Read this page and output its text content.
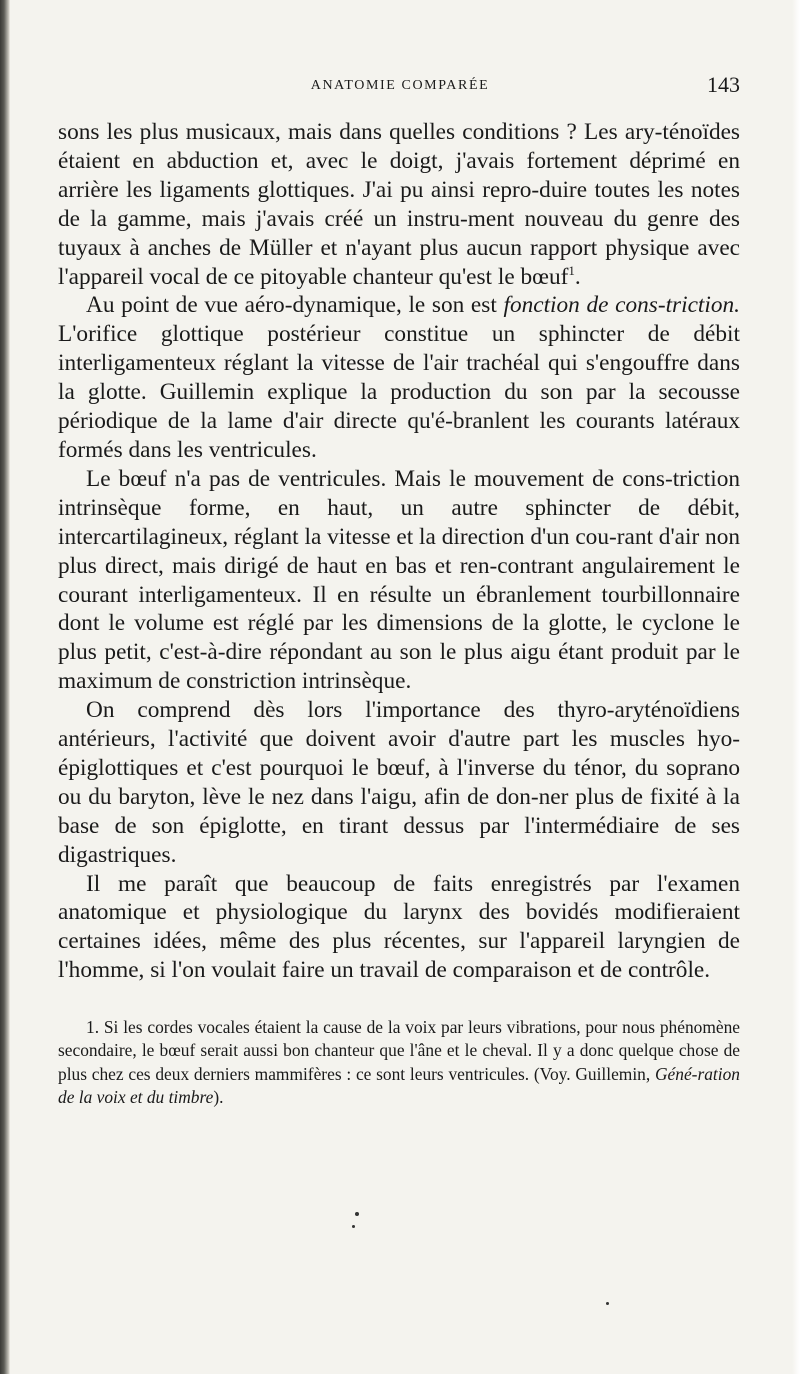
ANATOMIE COMPARÉE	143

sons les plus musicaux, mais dans quelles conditions ? Les ary-ténoïdes étaient en abduction et, avec le doigt, j'avais fortement déprimé en arrière les ligaments glottiques. J'ai pu ainsi repro-duire toutes les notes de la gamme, mais j'avais créé un instru-ment nouveau du genre des tuyaux à anches de Müller et n'ayant plus aucun rapport physique avec l'appareil vocal de ce pitoyable chanteur qu'est le bœuf$^1$.

Au point de vue aéro-dynamique, le son est fonction de cons-triction. L'orifice glottique postérieur constitue un sphincter de débit interligamenteux réglant la vitesse de l'air trachéal qui s'engouffre dans la glotte. Guillemin explique la production du son par la secousse périodique de la lame d'air directe qu'é-branlent les courants latéraux formés dans les ventricules.

Le bœuf n'a pas de ventricules. Mais le mouvement de cons-triction intrinsèque forme, en haut, un autre sphincter de débit, intercartilagineux, réglant la vitesse et la direction d'un cou-rant d'air non plus direct, mais dirigé de haut en bas et ren-contrant angulairement le courant interligamenteux. Il en résulte un ébranlement tourbillonnaire dont le volume est réglé par les dimensions de la glotte, le cyclone le plus petit, c'est-à-dire répondant au son le plus aigu étant produit par le maximum de constriction intrinsèque.

On comprend dès lors l'importance des thyro-aryténoïdiens antérieurs, l'activité que doivent avoir d'autre part les muscles hyo-épiglottiques et c'est pourquoi le bœuf, à l'inverse du ténor, du soprano ou du baryton, lève le nez dans l'aigu, afin de don-ner plus de fixité à la base de son épiglotte, en tirant dessus par l'intermédiaire de ses digastriques.

Il me paraît que beaucoup de faits enregistrés par l'examen anatomique et physiologique du larynx des bovidés modifieraient certaines idées, même des plus récentes, sur l'appareil laryngien de l'homme, si l'on voulait faire un travail de comparaison et de contrôle.

1. Si les cordes vocales étaient la cause de la voix par leurs vibrations, pour nous phénomène secondaire, le bœuf serait aussi bon chanteur que l'âne et le cheval. Il y a donc quelque chose de plus chez ces deux derniers mammifères : ce sont leurs ventricules. (Voy. Guillemin, Géné-ration de la voix et du timbre).
